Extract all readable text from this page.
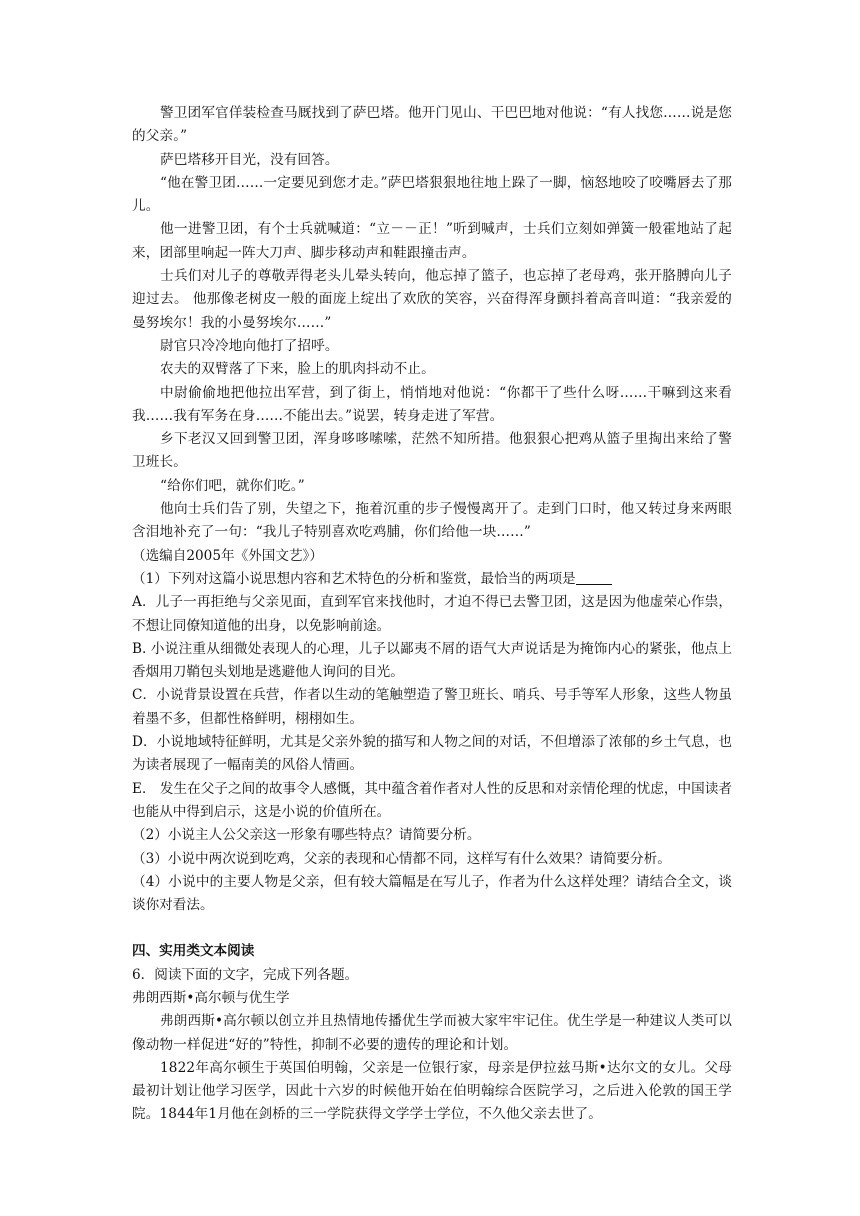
警卫团军官佯装检查马厩找到了萨巴塔。他开门见山、干巴巴地对他说：“有人找您……说是您的父亲。”

萨巴塔移开目光，没有回答。

“他在警卫团……一定要见到您才走。”萨巴塔狠狠地往地上跺了一脚，恼怒地咬了咬嘴唇去了那儿。

他一进警卫团，有个士兵就喊道：“立－－正！”听到喊声，士兵们立刻如弹簧一般霍地站了起来，团部里响起一阵大刀声、脚步移动声和鞋跟撞击声。

士兵们对儿子的尊敬弄得老头儿晕头转向，他忘掉了篮子，也忘掉了老母鸡，张开胳膊向儿子迎过去。 他那像老树皮一般的面庞上绽出了欢欣的笑容，兴奋得浑身颤抖着高音叫道：“我亲爱的曼努埃尔！我的小曼努埃尔……”

尉官只冷冷地向他打了招呼。

农夫的双臂落了下来，脸上的肌肉抖动不止。

中尉偷偷地把他拉出军营，到了街上，悄悄地对他说：“你都干了些什么呀……干嘛到这来看我……我有军务在身……不能出去。”说罢，转身走进了军营。

乡下老汉又回到警卫团，浑身哆哆嗦嗦，茫然不知所措。他狠狠心把鸡从篮子里掏出来给了警卫班长。

“给你们吧，就你们吃。”

他向士兵们告了别，失望之下，拖着沉重的步子慢慢离开了。走到门口时，他又转过身来两眼含泪地补充了一句：“我儿子特别喜欢吃鸡脯，你们给他一块……”

（选编自2005年《外国文艺》）

（1）下列对这篇小说思想内容和艺术特色的分析和鉴赏，最恰当的两项是

A．儿子一再拒绝与父亲见面，直到军官来找他时，才迫不得已去警卫团，这是因为他虚荣心作祟，不想让同僚知道他的出身，以免影响前途。

B. 小说注重从细微处表现人的心理，儿子以鄙夷不屑的语气大声说话是为掩饰内心的紧张，他点上香烟用刀鞘包头划地是逃避他人询问的目光。

C．小说背景设置在兵营，作者以生动的笔触塑造了警卫班长、哨兵、号手等军人形象，这些人物虽着墨不多，但都性格鲜明，栩栩如生。

D．小说地域特征鲜明，尤其是父亲外貌的描写和人物之间的对话，不但增添了浓郁的乡土气息，也为读者展现了一幅南美的风俗人情画。

E． 发生在父子之间的故事令人感慨，其中蕴含着作者对人性的反思和对亲情伦理的忧虑，中国读者也能从中得到启示，这是小说的价值所在。

（2）小说主人公父亲这一形象有哪些特点？请简要分析。

（3）小说中两次说到吃鸡，父亲的表现和心情都不同，这样写有什么效果？请简要分析。

（4）小说中的主要人物是父亲，但有较大篇幅是在写儿子，作者为什么这样处理？请结合全文，谈谈你对看法。

四、实用类文本阅读

6．阅读下面的文字，完成下列各题。

弗朗西斯•高尔顿与优生学

弗朗西斯•高尔顿以创立并且热情地传播优生学而被大家牢牢记住。优生学是一种建议人类可以像动物一样促进“好的”特性，抑制不必要的遗传的理论和计划。

1822年高尔顿生于英国伯明翰，父亲是一位银行家，母亲是伊拉兹马斯•达尔文的女儿。父母最初计划让他学习医学，因此十六岁的时候他开始在伯明翰综合医院学习，之后进入伦敦的国王学院。1844年1月他在剑桥的三一学院获得文学学士学位，不久他父亲去世了。
